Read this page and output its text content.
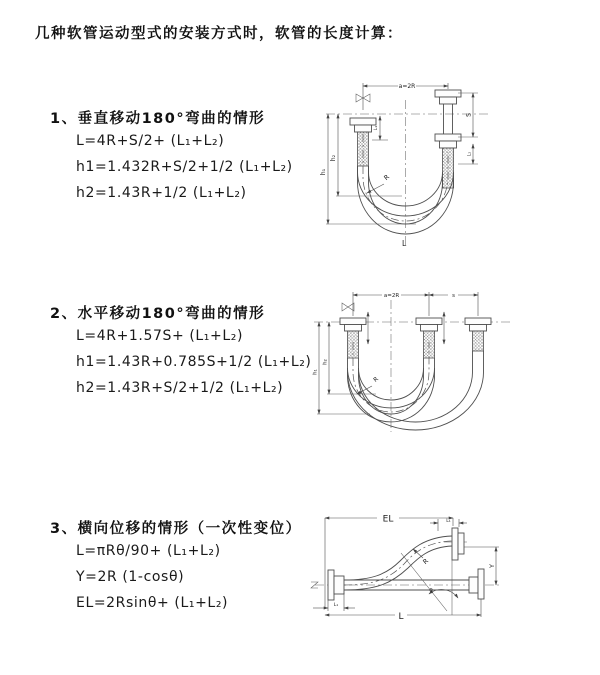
几种软管运动型式的安装方式时，软管的长度计算：
1、垂直移动180°弯曲的情形
L=4R+S/2+ (L₁+L₂)
h1=1.432R+S/2+1/2 (L₁+L₂)
h2=1.43R+1/2 (L₁+L₂)
2、水平移动180°弯曲的情形
L=4R+1.57S+ (L₁+L₂)
h1=1.43R+0.785S+1/2 (L₁+L₂)
h2=1.43R+S/2+1/2 (L₁+L₂)
3、横向位移的情形（一次性变位）
L=πRθ/90+ (L₁+L₂)
Y=2R (1-cosθ)
EL=2Rsinθ+ (L₁+L₂)
a=2R
h₁
h₂
L₁
S
L₂
R
L
a=2R	s
h₁
h₂
R
EL	L₁
θ
R
Y
L
L₁
